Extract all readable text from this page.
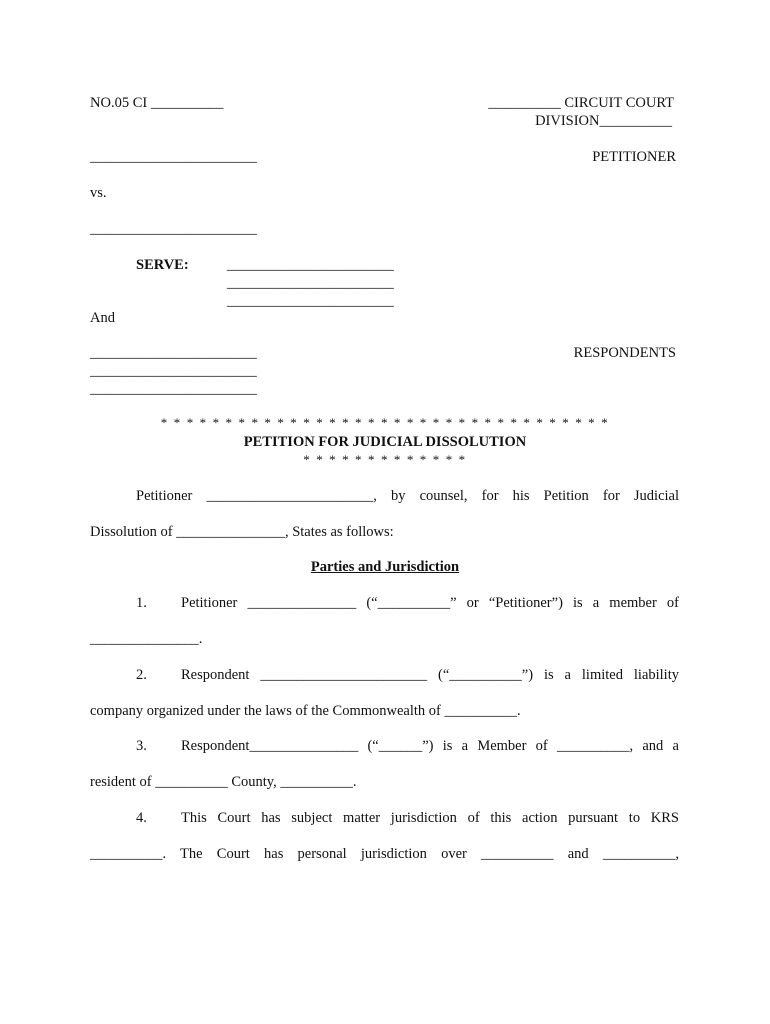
NO.05 CI __________	__________ CIRCUIT COURT
DIVISION__________
_______________________	PETITIONER
vs.
_______________________
SERVE:	_______________________
_______________________
_______________________
And
_______________________
_______________________
_______________________
RESPONDENTS
* * * * * * * * * * * * * * * * * * * * * * * * * * * * * * * * * * *
PETITION FOR JUDICIAL DISSOLUTION
* * * * * * * * * * * * *
Petitioner _______________________, by counsel, for his Petition for Judicial
Dissolution of _______________, States as follows:
Parties and Jurisdiction
1. Petitioner _______________ (“__________” or “Petitioner”) is a member of
_______________.
2. Respondent _______________________ (“__________”) is a limited liability
company organized under the laws of the Commonwealth of __________.
3. Respondent_______________ (“______”) is a Member of __________, and a
resident of __________ County, __________.
4. This Court has subject matter jurisdiction of this action pursuant to KRS
__________. The Court has personal jurisdiction over __________ and __________,
